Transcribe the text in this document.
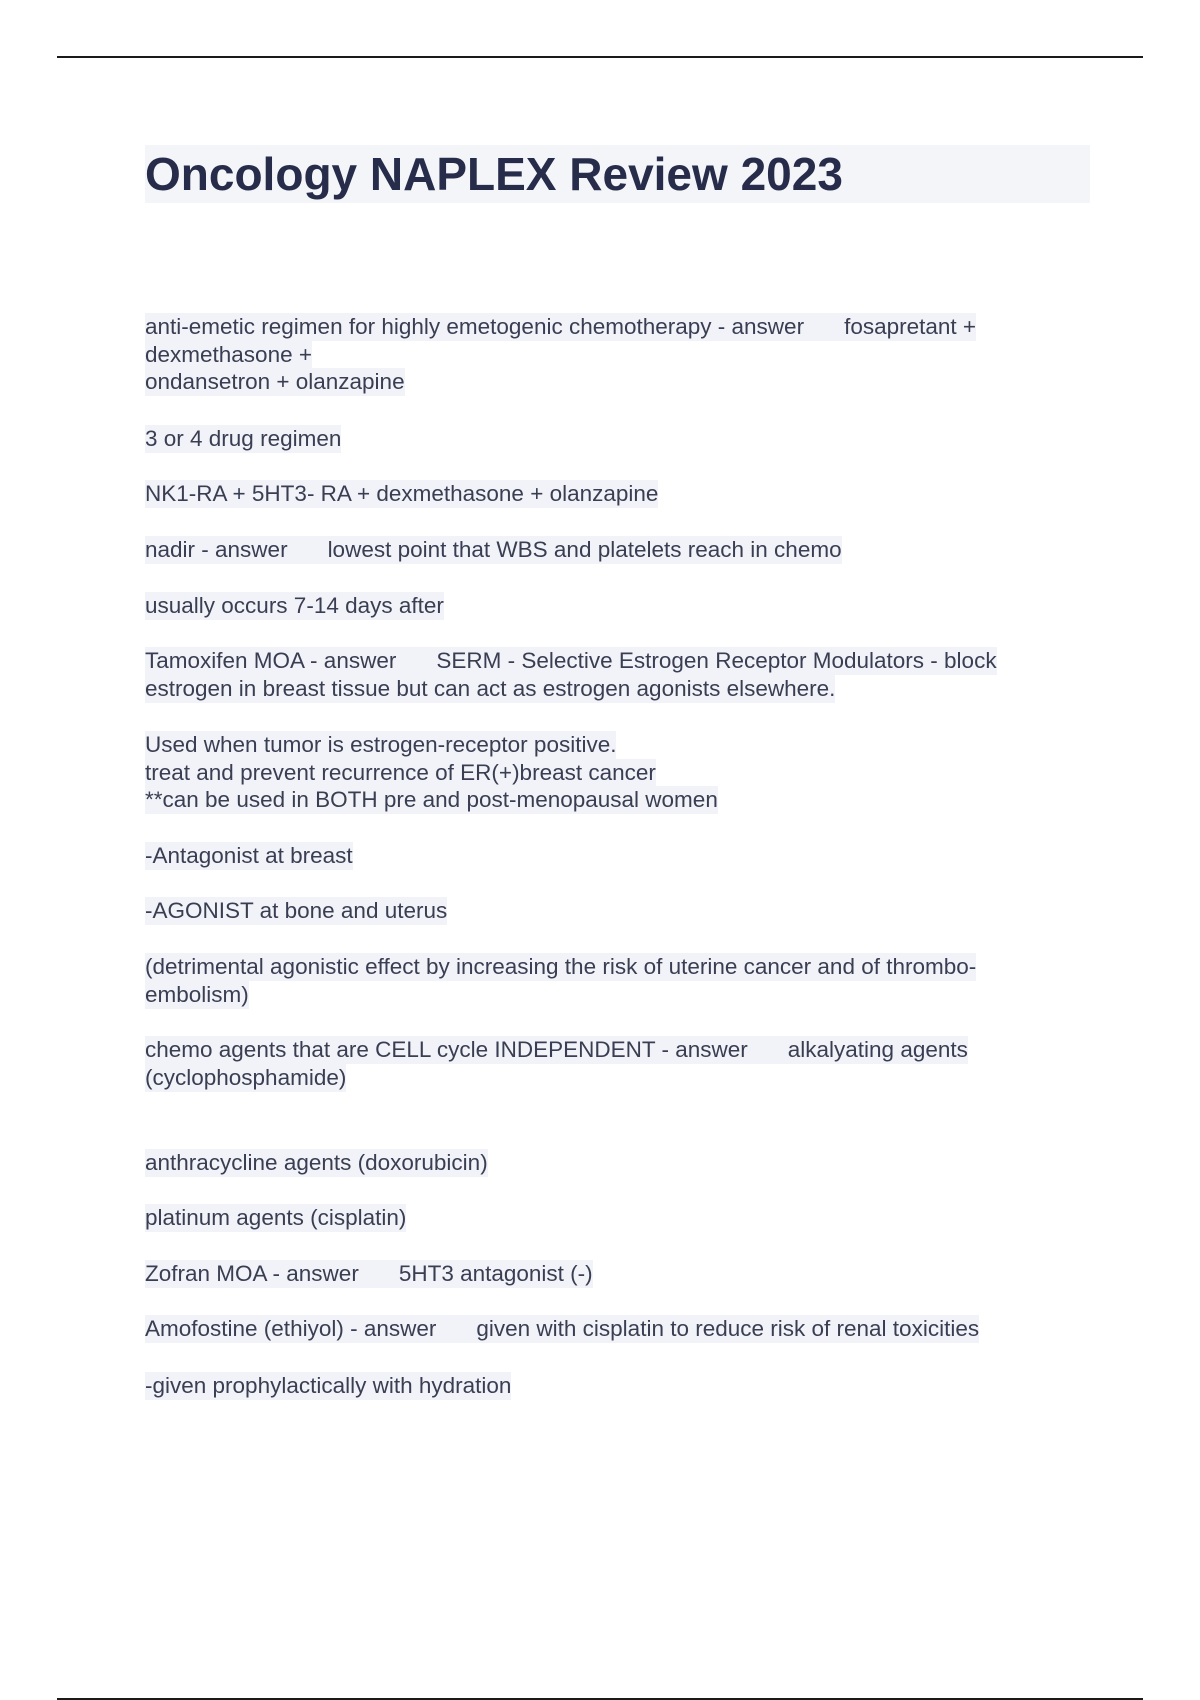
Oncology NAPLEX Review 2023

anti-emetic regimen for highly emetogenic chemotherapy - answer fosapretant +
dexmethasone +
ondansetron + olanzapine

3 or 4 drug regimen

NK1-RA + 5HT3- RA + dexmethasone + olanzapine

nadir - answer lowest point that WBS and platelets reach in chemo

usually occurs 7-14 days after

Tamoxifen MOA - answer SERM - Selective Estrogen Receptor Modulators - block
estrogen in breast tissue but can act as estrogen agonists elsewhere.

Used when tumor is estrogen-receptor positive.
treat and prevent recurrence of ER(+)breast cancer
**can be used in BOTH pre and post-menopausal women

-Antagonist at breast

-AGONIST at bone and uterus

(detrimental agonistic effect by increasing the risk of uterine cancer and of thrombo-
embolism)

chemo agents that are CELL cycle INDEPENDENT - answer alkalyating agents
(cyclophosphamide)

anthracycline agents (doxorubicin)

platinum agents (cisplatin)

Zofran MOA - answer 5HT3 antagonist (-)

Amofostine (ethiyol) - answer given with cisplatin to reduce risk of renal toxicities

-given prophylactically with hydration
